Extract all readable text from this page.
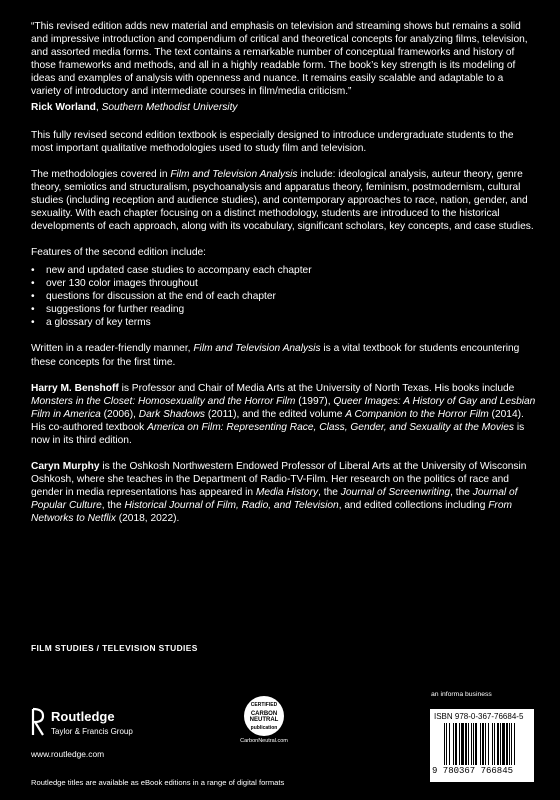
“This revised edition adds new material and emphasis on television and streaming shows but remains a solid and impressive introduction and compendium of critical and theoretical concepts for analyzing films, television, and assorted media forms. The text contains a remarkable number of conceptual frameworks and history of those frameworks and methods, and all in a highly readable form. The book’s key strength is its modeling of ideas and examples of analysis with openness and nuance. It remains easily scalable and adaptable to a variety of introductory and intermediate courses in film/media criticism.”

Rick Worland, Southern Methodist University

This fully revised second edition textbook is especially designed to introduce undergraduate students to the most important qualitative methodologies used to study film and television.

The methodologies covered in Film and Television Analysis include: ideological analysis, auteur theory, genre theory, semiotics and structuralism, psychoanalysis and apparatus theory, feminism, postmodernism, cultural studies (including reception and audience studies), and contemporary approaches to race, nation, gender, and sexuality. With each chapter focusing on a distinct methodology, students are introduced to the historical developments of each approach, along with its vocabulary, significant scholars, key concepts, and case studies.

Features of the second edition include:

• new and updated case studies to accompany each chapter
• over 130 color images throughout
• questions for discussion at the end of each chapter
• suggestions for further reading
• a glossary of key terms

Written in a reader-friendly manner, Film and Television Analysis is a vital textbook for students encountering these concepts for the first time.

Harry M. Benshoff is Professor and Chair of Media Arts at the University of North Texas. His books include Monsters in the Closet: Homosexuality and the Horror Film (1997), Queer Images: A History of Gay and Lesbian Film in America (2006), Dark Shadows (2011), and the edited volume A Companion to the Horror Film (2014). His co-authored textbook America on Film: Representing Race, Class, Gender, and Sexuality at the Movies is now in its third edition.

Caryn Murphy is the Oshkosh Northwestern Endowed Professor of Liberal Arts at the University of Wisconsin Oshkosh, where she teaches in the Department of Radio-TV-Film. Her research on the politics of race and gender in media representations has appeared in Media History, the Journal of Screenwriting, the Journal of Popular Culture, the Historical Journal of Film, Radio, and Television, and edited collections including From Networks to Netflix (2018, 2022).

FILM STUDIES / TELEVISION STUDIES
Routledge
Taylor & Francis Group
www.routledge.com
CERTIFIED
CARBON NEUTRAL
publication
CarbonNeutral.com
an informa business
ISBN 978-0-367-76684-5
9 780367 766845
Routledge titles are available as eBook editions in a range of digital formats
